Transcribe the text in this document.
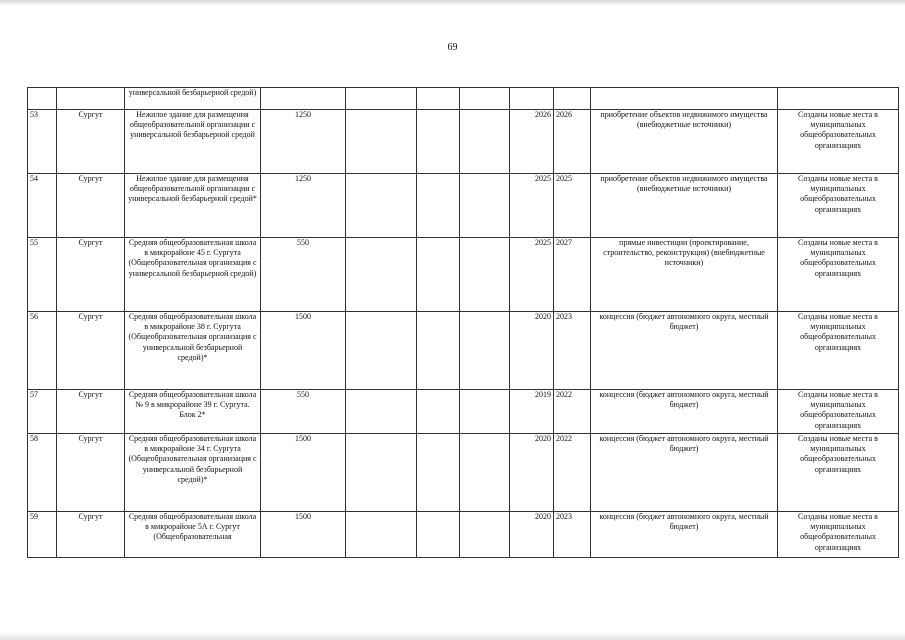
69
		универсальной безбарьерной средой)								
53	Сургут	Нежилое здание для размещения общеобразовательной организации с универсальной безбарьерной средой	1250				2026	2026	приобретение объектов недвижимого имущества (внебюджетные источники)	Созданы новые места в муниципальных общеобразовательных организациях
54	Сургут	Нежилое здание для размещения общеобразовательной организации с универсальной безбарьерной средой*	1250				2025	2025	приобретение объектов недвижимого имущества (внебюджетные источники)	Созданы новые места в муниципальных общеобразовательных организациях
55	Сургут	Средняя общеобразовательная школа в микрорайоне 45 г. Сургута (Общеобразовательная организация с универсальной безбарьерной средой)	550				2025	2027	прямые инвестиции (проектирование, строительство, реконструкция) (внебюджетные источники)	Созданы новые места в муниципальных общеобразовательных организациях
56	Сургут	Средняя общеобразовательная школа в микрорайоне 38 г. Сургута (Общеобразовательная организация с универсальной безбарьерной средой)*	1500				2020	2023	концессия (бюджет автономного округа, местный бюджет)	Созданы новые места в муниципальных общеобразовательных организациях
57	Сургут	Средняя общеобразовательная школа № 9 в микрорайоне 39 г. Сургута. Блок 2*	550				2019	2022	концессия (бюджет автономного округа, местный бюджет)	Созданы новые места в муниципальных общеобразовательных организациях
58	Сургут	Средняя общеобразовательная школа в микрорайоне 34 г. Сургута (Общеобразовательная организация с универсальной безбарьерной средой)*	1500				2020	2022	концессия (бюджет автономного округа, местный бюджет)	Созданы новые места в муниципальных общеобразовательных организациях
59	Сургут	Средняя общеобразовательная школа в микрорайоне 5А г. Сургут (Общеобразовательная	1500				2020	2023	концессия (бюджет автономного округа, местный бюджет)	Созданы новые места в муниципальных общеобразовательных организациях
